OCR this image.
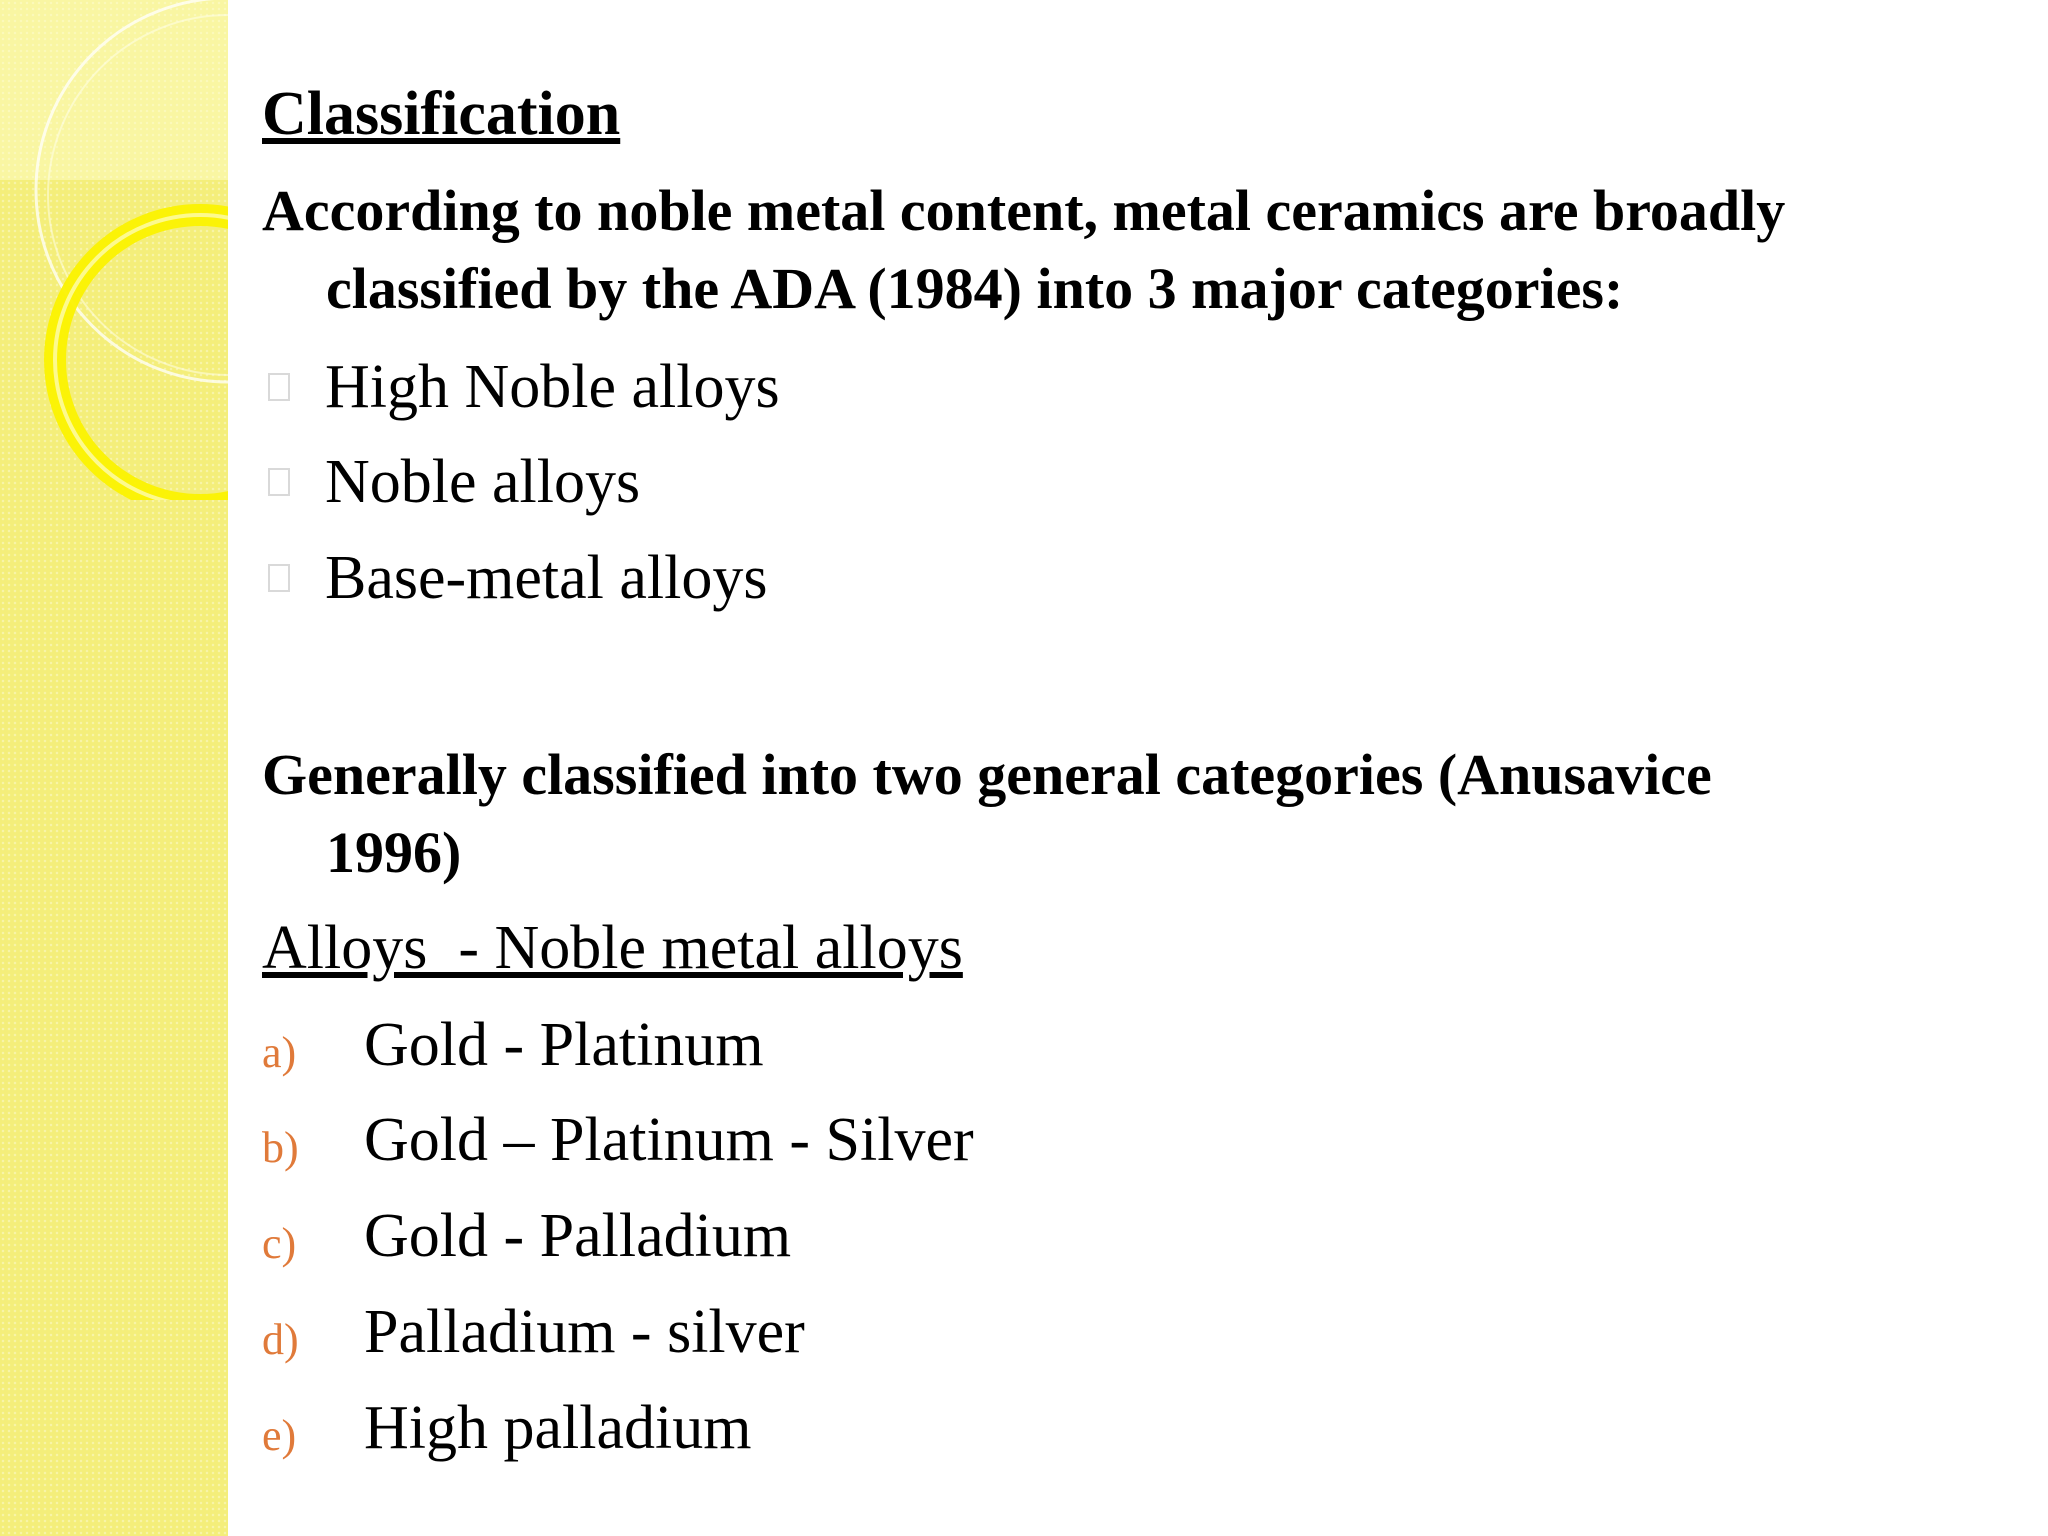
Classification
According to noble metal content, metal ceramics are broadly
classified by the ADA (1984) into 3 major categories:
High Noble alloys
Noble alloys
Base-metal alloys
Generally classified into two general categories (Anusavice
1996)
Alloys  - Noble metal alloys
a) Gold - Platinum
b) Gold – Platinum - Silver
c) Gold - Palladium
d) Palladium - silver
e) High palladium
